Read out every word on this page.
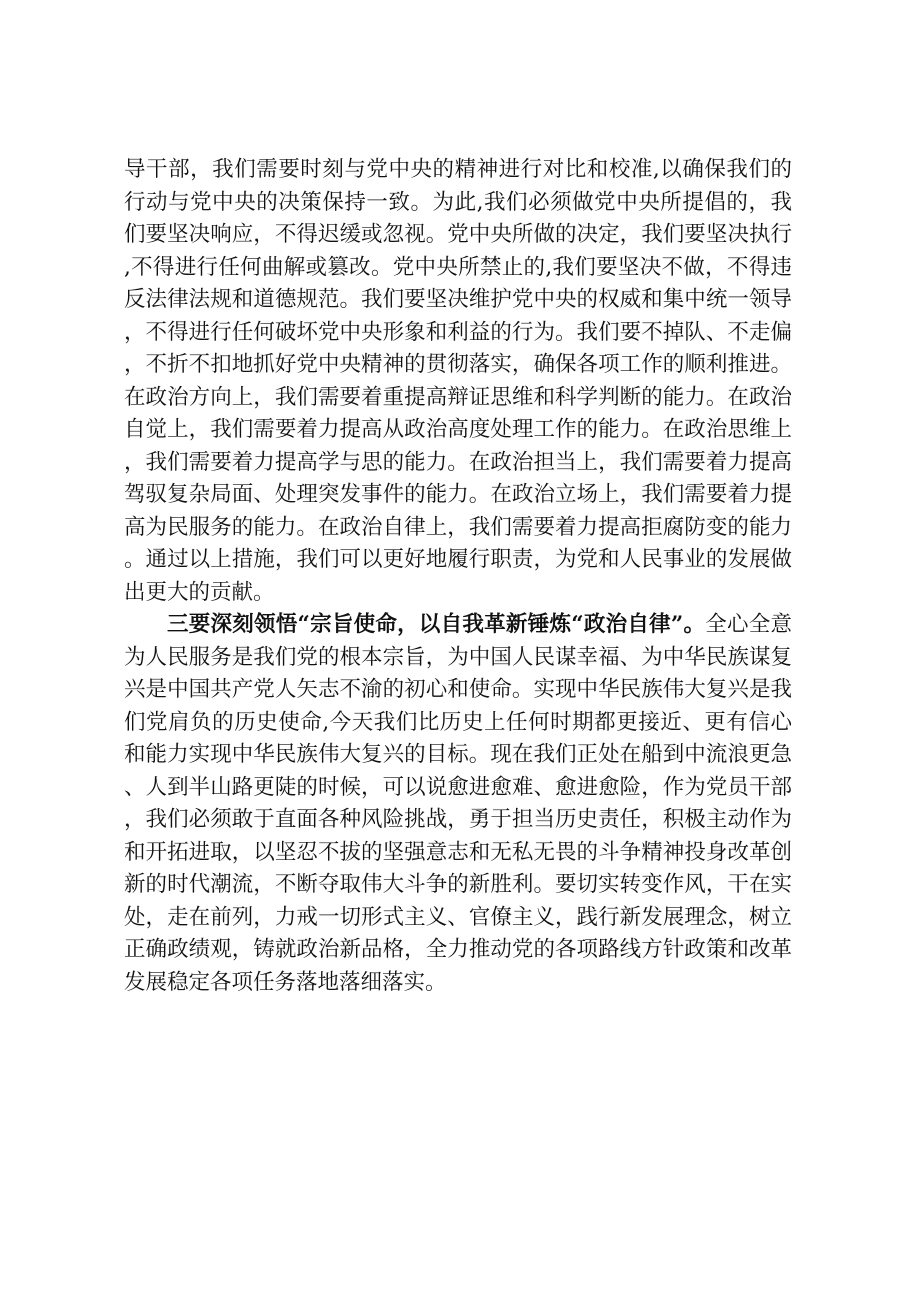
导干部，我们需要时刻与党中央的精神进行对比和校准,以确保我们的行动与党中央的决策保持一致。为此,我们必须做党中央所提倡的，我们要坚决响应，不得迟缓或忽视。党中央所做的决定，我们要坚决执行,不得进行任何曲解或篡改。党中央所禁止的,我们要坚决不做，不得违反法律法规和道德规范。我们要坚决维护党中央的权威和集中统一领导，不得进行任何破坏党中央形象和利益的行为。我们要不掉队、不走偏，不折不扣地抓好党中央精神的贯彻落实，确保各项工作的顺利推进。在政治方向上，我们需要着重提高辩证思维和科学判断的能力。在政治自觉上，我们需要着力提高从政治高度处理工作的能力。在政治思维上，我们需要着力提高学与思的能力。在政治担当上，我们需要着力提高驾驭复杂局面、处理突发事件的能力。在政治立场上，我们需要着力提高为民服务的能力。在政治自律上，我们需要着力提高拒腐防变的能力。通过以上措施，我们可以更好地履行职责，为党和人民事业的发展做出更大的贡献。

三要深刻领悟“宗旨使命，以自我革新锤炼“政治自律”。全心全意为人民服务是我们党的根本宗旨，为中国人民谋幸福、为中华民族谋复兴是中国共产党人矢志不渝的初心和使命。实现中华民族伟大复兴是我们党肩负的历史使命,今天我们比历史上任何时期都更接近、更有信心和能力实现中华民族伟大复兴的目标。现在我们正处在船到中流浪更急、人到半山路更陡的时候，可以说愈进愈难、愈进愈险，作为党员干部，我们必须敢于直面各种风险挑战，勇于担当历史责任，积极主动作为和开拓进取，以坚忍不拔的坚强意志和无私无畏的斗争精神投身改革创新的时代潮流，不断夺取伟大斗争的新胜利。要切实转变作风，干在实处，走在前列，力戒一切形式主义、官僚主义，践行新发展理念，树立正确政绩观，铸就政治新品格，全力推动党的各项路线方针政策和改革发展稳定各项任务落地落细落实。
